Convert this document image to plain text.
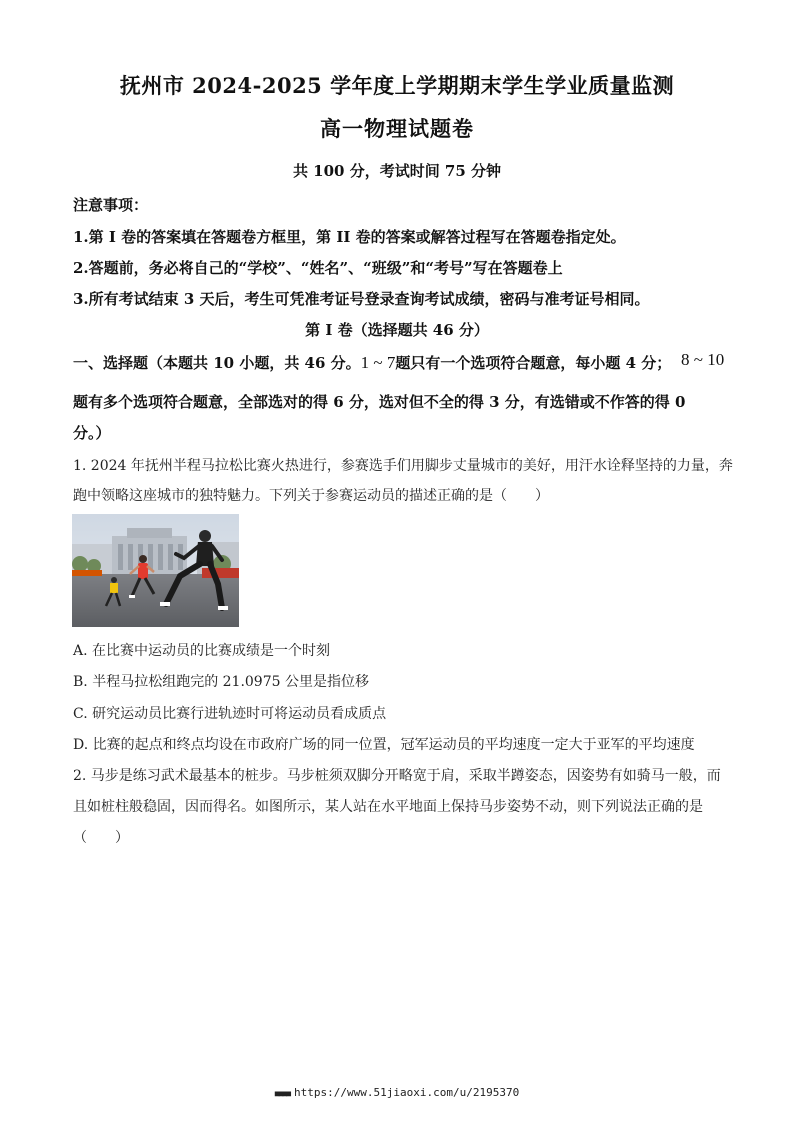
抚州市 2024-2025 学年度上学期期末学生学业质量监测
高一物理试题卷
共 100 分，考试时间 75 分钟
注意事项：
1.第 I 卷的答案填在答题卷方框里，第 II 卷的答案或解答过程写在答题卷指定处。
2.答题前，务必将自己的“学校”、“姓名”、“班级”和“考号”写在答题卷上
3.所有考试结束 3 天后，考生可凭准考证号登录查询考试成绩，密码与准考证号相同。
第 I 卷（选择题共 46 分）
一、选择题（本题共 10 小题，共 46 分。1 ~ 7题只有一个选项符合题意，每小题 4 分； 8 ~ 10
题有多个选项符合题意，全部选对的得 6 分，选对但不全的得 3 分，有选错或不作答的得 0
分。）
1. 2024 年抚州半程马拉松比赛火热进行，参赛选手们用脚步丈量城市的美好，用汗水诠释坚持的力量，奔
跑中领略这座城市的独特魅力。下列关于参赛运动员的描述正确的是（　　）
A. 在比赛中运动员的比赛成绩是一个时刻
B. 半程马拉松组跑完的 21.0975 公里是指位移
C. 研究运动员比赛行进轨迹时可将运动员看成质点
D. 比赛的起点和终点均设在市政府广场的同一位置，冠军运动员的平均速度一定大于亚军的平均速度
2. 马步是练习武术最基本的桩步。马步桩须双脚分开略宽于肩，采取半蹲姿态，因姿势有如骑马一般，而
且如桩柱般稳固，因而得名。如图所示，某人站在水平地面上保持马步姿势不动，则下列说法正确的是
（　　）
■■■■ https://www.51jiaoxi.com/u/2195370
